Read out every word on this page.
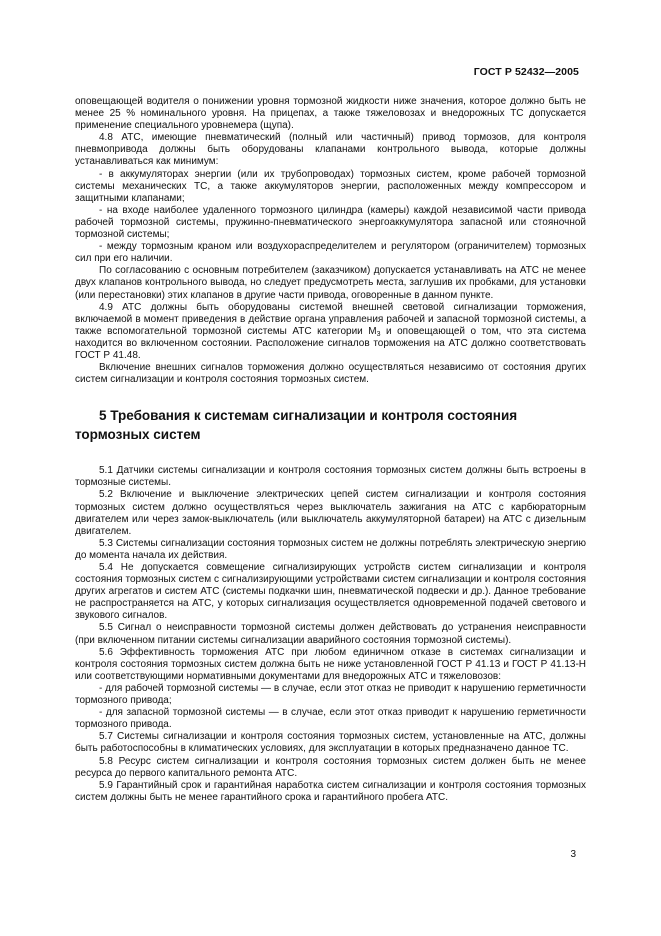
ГОСТ Р 52432—2005

оповещающей водителя о понижении уровня тормозной жидкости ниже значения, которое должно быть не менее 25 % номинального уровня. На прицепах, а также тяжеловозах и внедорожных ТС допускается применение специального уровнемера (щупа).

4.8 АТС, имеющие пневматический (полный или частичный) привод тормозов, для контроля пневмопривода должны быть оборудованы клапанами контрольного вывода, которые должны устанавливаться как минимум:

- в аккумуляторах энергии (или их трубопроводах) тормозных систем, кроме рабочей тормозной системы механических ТС, а также аккумуляторов энергии, расположенных между компрессором и защитными клапанами;

- на входе наиболее удаленного тормозного цилиндра (камеры) каждой независимой части привода рабочей тормозной системы, пружинно-пневматического энергоаккумулятора запасной или стояночной тормозной системы;

- между тормозным краном или воздухораспределителем и регулятором (ограничителем) тормозных сил при его наличии.

По согласованию с основным потребителем (заказчиком) допускается устанавливать на АТС не менее двух клапанов контрольного вывода, но следует предусмотреть места, заглушив их пробками, для установки (или перестановки) этих клапанов в другие части привода, оговоренные в данном пункте.

4.9 АТС должны быть оборудованы системой внешней световой сигнализации торможения, включаемой в момент приведения в действие органа управления рабочей и запасной тормозной системы, а также вспомогательной тормозной системы АТС категории $М_3$ и оповещающей о том, что эта система находится во включенном состоянии. Расположение сигналов торможения на АТС должно соответствовать ГОСТ Р 41.48.

Включение внешних сигналов торможения должно осуществляться независимо от состояния других систем сигнализации и контроля состояния тормозных систем.

5 Требования к системам сигнализации и контроля состояния тормозных систем

5.1 Датчики системы сигнализации и контроля состояния тормозных систем должны быть встроены в тормозные системы.

5.2 Включение и выключение электрических цепей систем сигнализации и контроля состояния тормозных систем должно осуществляться через выключатель зажигания на АТС с карбюраторным двигателем или через замок-выключатель (или выключатель аккумуляторной батареи) на АТС с дизельным двигателем.

5.3 Системы сигнализации состояния тормозных систем не должны потреблять электрическую энергию до момента начала их действия.

5.4 Не допускается совмещение сигнализирующих устройств систем сигнализации и контроля состояния тормозных систем с сигнализирующими устройствами систем сигнализации и контроля состояния других агрегатов и систем АТС (системы подкачки шин, пневматической подвески и др.). Данное требование не распространяется на АТС, у которых сигнализация осуществляется одновременной подачей светового и звукового сигналов.

5.5 Сигнал о неисправности тормозной системы должен действовать до устранения неисправности (при включенном питании системы сигнализации аварийного состояния тормозной системы).

5.6 Эффективность торможения АТС при любом единичном отказе в системах сигнализации и контроля состояния тормозных систем должна быть не ниже установленной ГОСТ Р 41.13 и ГОСТ Р 41.13-Н или соответствующими нормативными документами для внедорожных АТС и тяжеловозов:

- для рабочей тормозной системы — в случае, если этот отказ не приводит к нарушению герметичности тормозного привода;

- для запасной тормозной системы — в случае, если этот отказ приводит к нарушению герметичности тормозного привода.

5.7 Системы сигнализации и контроля состояния тормозных систем, установленные на АТС, должны быть работоспособны в климатических условиях, для эксплуатации в которых предназначено данное ТС.

5.8 Ресурс систем сигнализации и контроля состояния тормозных систем должен быть не менее ресурса до первого капитального ремонта АТС.

5.9 Гарантийный срок и гарантийная наработка систем сигнализации и контроля состояния тормозных систем должны быть не менее гарантийного срока и гарантийного пробега АТС.

3
